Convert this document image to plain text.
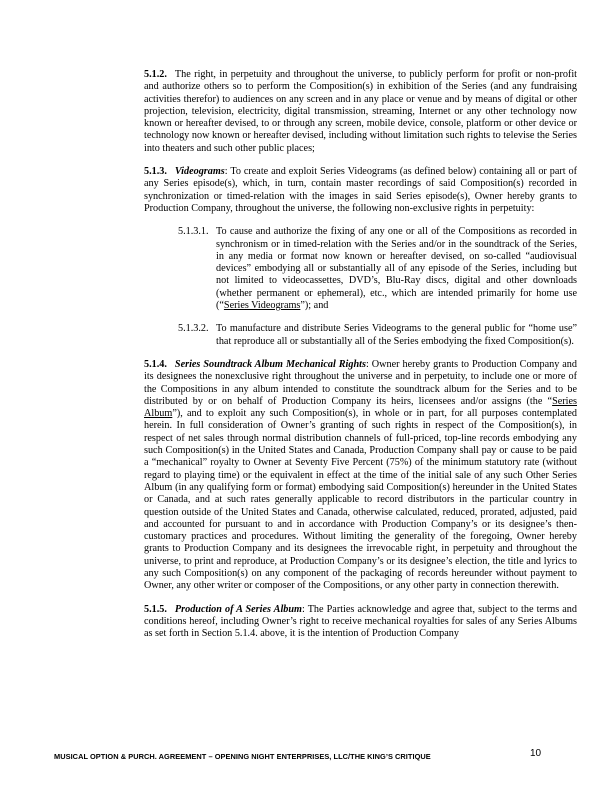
5.1.2. The right, in perpetuity and throughout the universe, to publicly perform for profit or non-profit and authorize others so to perform the Composition(s) in exhibition of the Series (and any fundraising activities therefor) to audiences on any screen and in any place or venue and by means of digital or other projection, television, electricity, digital transmission, streaming, Internet or any other technology now known or hereafter devised, to or through any screen, mobile device, console, platform or other device or technology now known or hereafter devised, including without limitation such rights to televise the Series into theaters and such other public places;

5.1.3. Videograms: To create and exploit Series Videograms (as defined below) containing all or part of any Series episode(s), which, in turn, contain master recordings of said Composition(s) recorded in synchronization or timed-relation with the images in said Series episode(s), Owner hereby grants to Production Company, throughout the universe, the following non-exclusive rights in perpetuity:

5.1.3.1. To cause and authorize the fixing of any one or all of the Compositions as recorded in synchronism or in timed-relation with the Series and/or in the soundtrack of the Series, in any media or format now known or hereafter devised, on so-called “audiovisual devices” embodying all or substantially all of any episode of the Series, including but not limited to videocassettes, DVD’s, Blu-Ray discs, digital and other downloads (whether permanent or ephemeral), etc., which are intended primarily for home use (“Series Videograms”); and

5.1.3.2. To manufacture and distribute Series Videograms to the general public for “home use” that reproduce all or substantially all of the Series embodying the fixed Composition(s).

5.1.4. Series Soundtrack Album Mechanical Rights: Owner hereby grants to Production Company and its designees the nonexclusive right throughout the universe and in perpetuity, to include one or more of the Compositions in any album intended to constitute the soundtrack album for the Series and to be distributed by or on behalf of Production Company its heirs, licensees and/or assigns (the “Series Album”), and to exploit any such Composition(s), in whole or in part, for all purposes contemplated herein. In full consideration of Owner’s granting of such rights in respect of the Composition(s), in respect of net sales through normal distribution channels of full-priced, top-line records embodying any such Composition(s) in the United States and Canada, Production Company shall pay or cause to be paid a “mechanical” royalty to Owner at Seventy Five Percent (75%) of the minimum statutory rate (without regard to playing time) or the equivalent in effect at the time of the initial sale of any such Other Series Album (in any qualifying form or format) embodying said Composition(s) hereunder in the United States or Canada, and at such rates generally applicable to record distributors in the particular country in question outside of the United States and Canada, otherwise calculated, reduced, prorated, adjusted, paid and accounted for pursuant to and in accordance with Production Company’s or its designee’s then-customary practices and procedures. Without limiting the generality of the foregoing, Owner hereby grants to Production Company and its designees the irrevocable right, in perpetuity and throughout the universe, to print and reproduce, at Production Company’s or its designee’s election, the title and lyrics to any such Composition(s) on any component of the packaging of records hereunder without payment to Owner, any other writer or composer of the Compositions, or any other party in connection therewith.

5.1.5. Production of A Series Album: The Parties acknowledge and agree that, subject to the terms and conditions hereof, including Owner’s right to receive mechanical royalties for sales of any Series Albums as set forth in Section 5.1.4. above, it is the intention of Production Company

MUSICAL OPTION & PURCH. AGREEMENT – OPENING NIGHT ENTERPRISES, LLC/THE KING’S CRITIQUE	10
